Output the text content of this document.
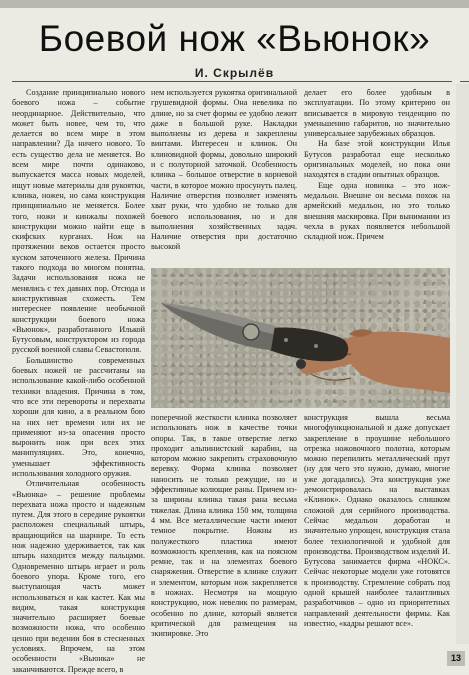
Боевой нож «Вьюнок»
И. Скрылёв

Создание принципиально нового боевого ножа – событие неординарное. Действительно, что может быть новее, чем то, что делается во всем мире в этом направлении? Да ничего нового. То есть существо дела не меняется. Во всем мире почти одинаково, выпускается масса новых моделей, ищут новые материалы для рукоятки, клинка, ножен, но сама конструкция принципиально не меняется. Более того, ножи и кинжалы похожей конструкции можно найти еще в скифских курганах. Нож на протяжении веков остается просто куском заточенного железа. Причина такого подхода во многом понятна. Задачи использования ножа не менялись с тех давних пор. Отсюда и конструктивная схожесть. Тем интереснее появление необычной конструкции боевого ножа «Вьюнок», разработанного Илькой Бутусовым, конструктором из города русской военной славы Севастополя.

Большинство современных боевых ножей не рассчитаны на использование какой-либо особенной техники владения. Причина в том, что все эти перевороты и перехваты хороши для кино, а в реальном бою на них нет времени или их не применяют из-за опасения просто выронить нож при всех этих манипуляциях. Это, конечно, уменьшает эффективность использования холодного оружия.

Отличительная особенность «Вьюнка» – решение проблемы перехвата ножа просто и надежным путем. Для этого в середине рукоятки расположен специальный штырь, вращающийся на шарнире. То есть нож надежно удерживается, так как штырь находится между пальцами. Одновременно штырь играет и роль боевого упора. Кроме того, его выступающая часть может использоваться и как кастет. Как мы видим, такая конструкция значительно расширяет боевые возможности ножа, что особенно ценно при ведении боя в стесненных условиях. Впрочем, на этом особенности «Вьюнка» не заканчиваются. Прежде всего, в

нем используется рукоятка оригинальной грушевидной формы. Она невелика по длине, но за счет формы ее удобно лежит даже в большой руке. Накладки выполнены из дерева и закреплены винтами. Интересен и клинок. Он клиновидной формы, довольно широкий и с полуторной заточкой. Особенность клинка – большое отверстие в корневой части, в которое можно просунуть палец. Наличие отверстия позволяет изменять хват руки, что удобно не только для боевого использования, но и для выполнения хозяйственных задач. Наличие отверстия при достаточно высокой

делает его более удобным в эксплуатации. По этому критерию он вписывается в мировую тенденцию по уменьшению габаритов, но значительно универсальнее зарубежных образцов.

На базе этой конструкции Илья Бутусов разработал еще несколько оригинальных моделей, но пока они находятся в стадии опытных образцов.

Еще одна новинка – это нож-медальон. Внешне он весьма похож на армейский медальон, но это только внешняя маскировка. При вынимании из чехла в руках появляется небольшой складной нож. Причем

поперечной жесткости клинка позволяет использовать нож в качестве точки опоры. Так, в такое отверстие легко проходит альпинистский карабин, на котором можно закрепить страховочную веревку. Форма клинка позволяет наносить не только режущие, но и эффективные колющие раны. Причем из-за ширины клинка такая рана весьма тяжелая. Длина клинка 150 мм, толщина 4 мм. Все металлические части имеют темное покрытие. Ножны из полужесткого пластика имеют возможность крепления, как на поясном ремне, так и на элементах боевого снаряжения. Отверстие в клинке служит и элементом, которым нож закрепляется в ножнах. Несмотря на мощную конструкцию, нож невелик по размерам, особенно по длине, который является критической для размещения на экипировке. Это

конструкция вышла весьма многофункциональной и даже допускает закрепление в проушине небольшого отрезка ножовочного полотна, которым можно перепилить металлический прут (ну для чего это нужно, думаю, многие уже догадались). Эта конструкция уже демонстрировалась на выставках «Клинок». Однако оказалось слишком сложной для серийного производства. Сейчас медальон доработан и значительно упрощен, конструкция стала более технологичной и удобной для производства. Производством изделий И. Бутусова занимается фирма «НОКС». Сейчас некоторые модели уже готовятся к производству. Стремление собрать под одной крышей наиболее талантливых разработчиков – одно из приоритетных направлений деятельности фирмы. Как известно, «кадры решают все».

13
